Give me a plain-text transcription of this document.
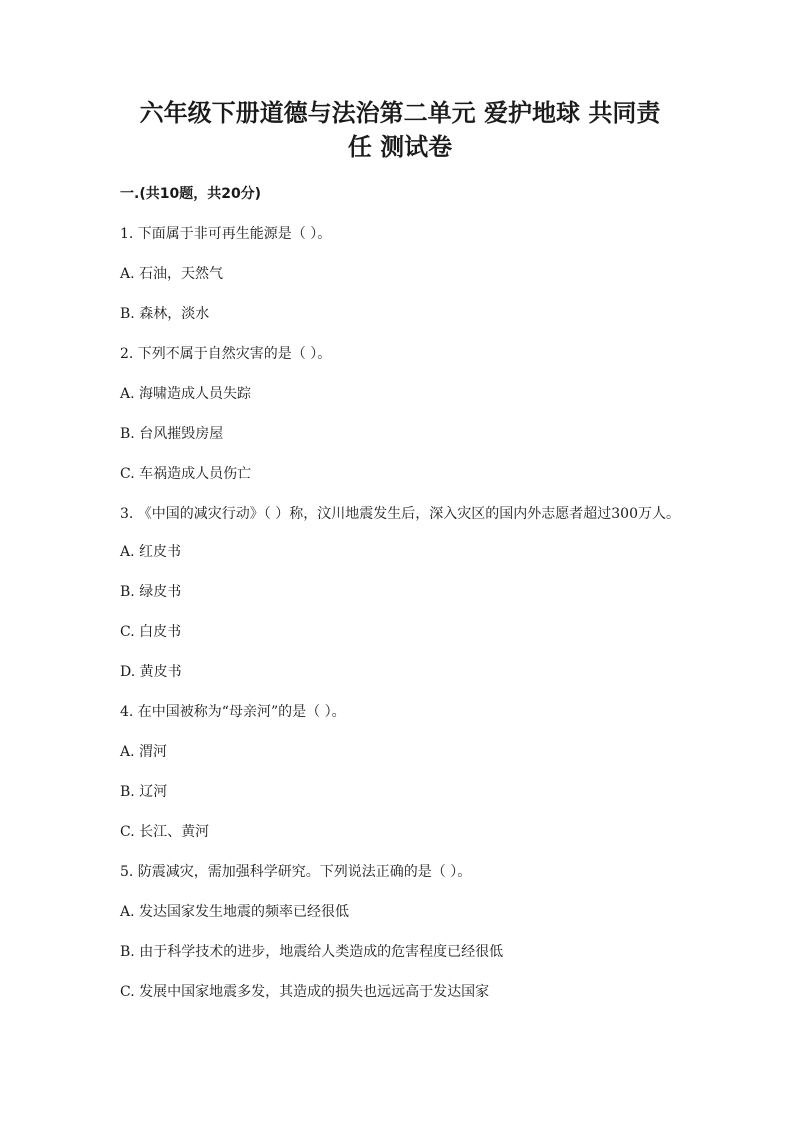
六年级下册道德与法治第二单元 爱护地球 共同责
任 测试卷
一.(共10题，共20分)
1. 下面属于非可再生能源是（ ）。
A. 石油，天然气
B. 森林，淡水
2. 下列不属于自然灾害的是（ ）。
A. 海啸造成人员失踪
B. 台风摧毁房屋
C. 车祸造成人员伤亡
3. 《中国的减灾行动》（ ）称，汶川地震发生后，深入灾区的国内外志愿者超过300万人。
A. 红皮书
B. 绿皮书
C. 白皮书
D. 黄皮书
4. 在中国被称为“母亲河”的是（ ）。
A. 渭河
B. 辽河
C. 长江、黄河
5. 防震减灾，需加强科学研究。下列说法正确的是（ ）。
A. 发达国家发生地震的频率已经很低
B. 由于科学技术的进步，地震给人类造成的危害程度已经很低
C. 发展中国家地震多发，其造成的损失也远远高于发达国家
